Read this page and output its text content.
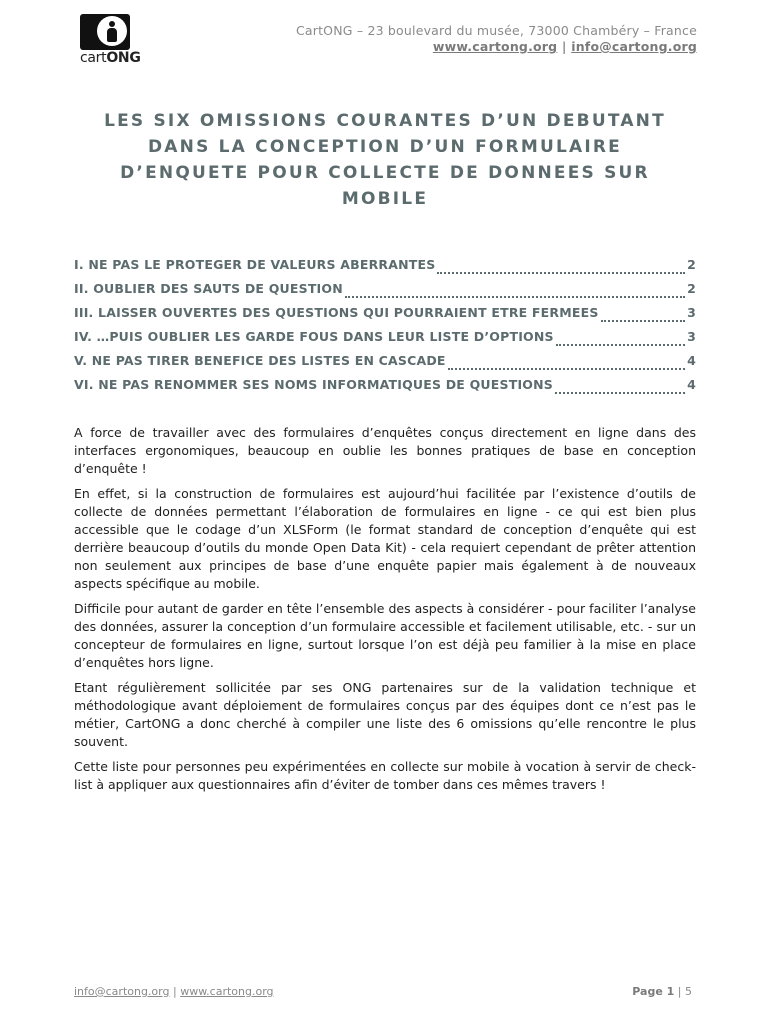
cartONG
CartONG – 23 boulevard du musée, 73000 Chambéry – France
www.cartong.org | info@cartong.org
LES SIX OMISSIONS COURANTES D’UN DEBUTANT DANS LA CONCEPTION D’UN FORMULAIRE D’ENQUETE POUR COLLECTE DE DONNEES SUR MOBILE
I. NE PAS LE PROTEGER DE VALEURS ABERRANTES	2
II. OUBLIER DES SAUTS DE QUESTION	2
III. LAISSER OUVERTES DES QUESTIONS QUI POURRAIENT ETRE FERMEES	3
IV. …PUIS OUBLIER LES GARDE FOUS DANS LEUR LISTE D’OPTIONS	3
V. NE PAS TIRER BENEFICE DES LISTES EN CASCADE	4
VI. NE PAS RENOMMER SES NOMS INFORMATIQUES DE QUESTIONS	4

A force de travailler avec des formulaires d’enquêtes conçus directement en ligne dans des interfaces ergonomiques, beaucoup en oublie les bonnes pratiques de base en conception d’enquête !

En effet, si la construction de formulaires est aujourd’hui facilitée par l’existence d’outils de collecte de données permettant l’élaboration de formulaires en ligne - ce qui est bien plus accessible que le codage d’un XLSForm (le format standard de conception d’enquête qui est derrière beaucoup d’outils du monde Open Data Kit) - cela requiert cependant de prêter attention non seulement aux principes de base d’une enquête papier mais également à de nouveaux aspects spécifique au mobile.

Difficile pour autant de garder en tête l’ensemble des aspects à considérer - pour faciliter l’analyse des données, assurer la conception d’un formulaire accessible et facilement utilisable, etc. - sur un concepteur de formulaires en ligne, surtout lorsque l’on est déjà peu familier à la mise en place d’enquêtes hors ligne.

Etant régulièrement sollicitée par ses ONG partenaires sur de la validation technique et méthodologique avant déploiement de formulaires conçus par des équipes dont ce n’est pas le métier, CartONG a donc cherché à compiler une liste des 6 omissions qu’elle rencontre le plus souvent.

Cette liste pour personnes peu expérimentées en collecte sur mobile à vocation à servir de check-list à appliquer aux questionnaires afin d’éviter de tomber dans ces mêmes travers !

info@cartong.org | www.cartong.org	Page 1 | 5
